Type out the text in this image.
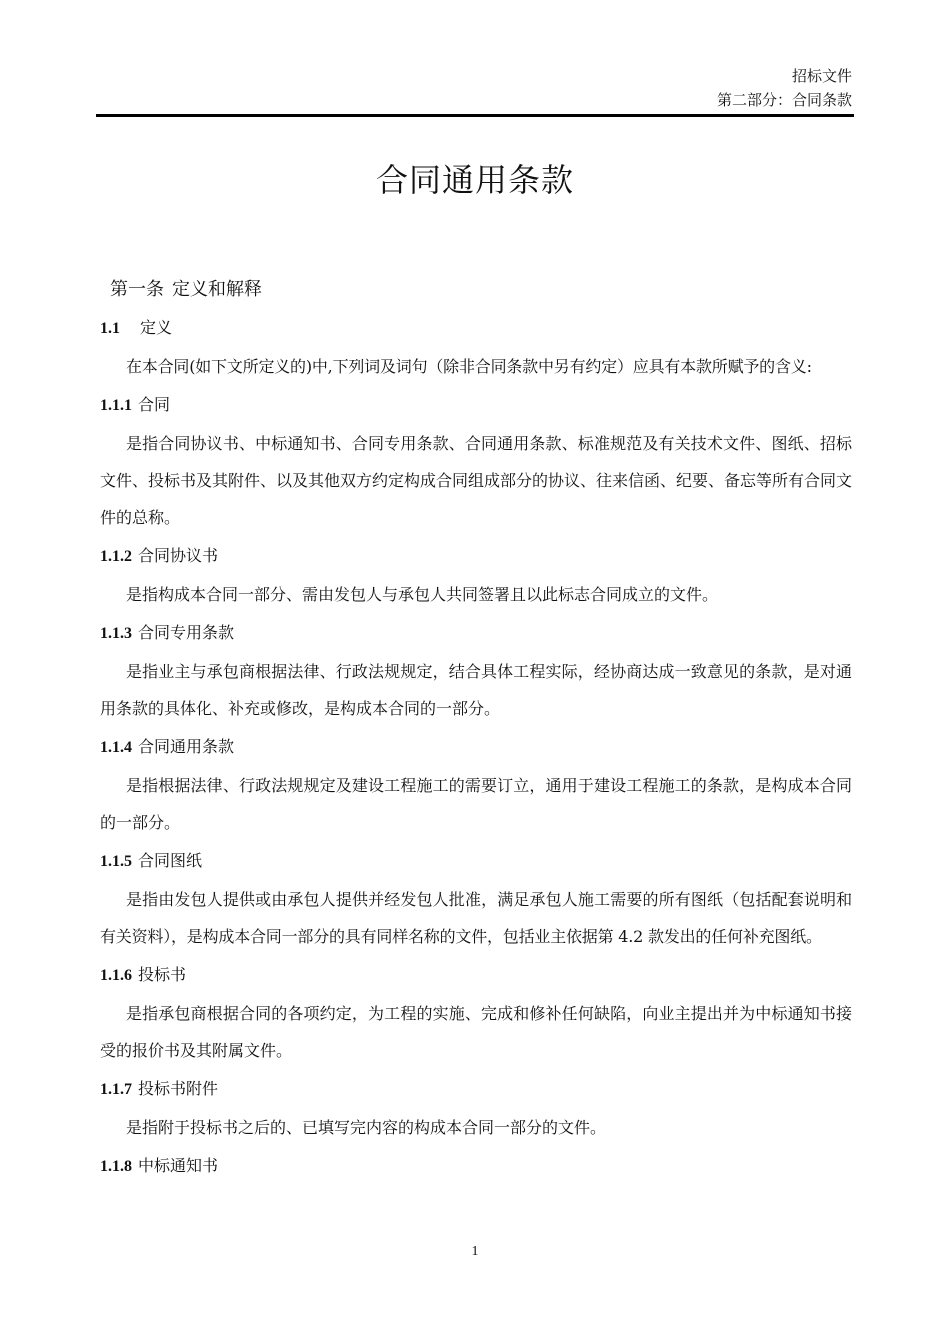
招标文件
第二部分：合同条款
合同通用条款
第一条 定义和解释
1.1 定义

在本合同(如下文所定义的)中,下列词及词句（除非合同条款中另有约定）应具有本款所赋予的含义:

1.1.1 合同

是指合同协议书、中标通知书、合同专用条款、合同通用条款、标准规范及有关技术文件、图纸、招标文件、投标书及其附件、以及其他双方约定构成合同组成部分的协议、往来信函、纪要、备忘等所有合同文件的总称。

1.1.2 合同协议书

是指构成本合同一部分、需由发包人与承包人共同签署且以此标志合同成立的文件。

1.1.3 合同专用条款

是指业主与承包商根据法律、行政法规规定，结合具体工程实际，经协商达成一致意见的条款，是对通用条款的具体化、补充或修改，是构成本合同的一部分。

1.1.4 合同通用条款

是指根据法律、行政法规规定及建设工程施工的需要订立，通用于建设工程施工的条款，是构成本合同的一部分。

1.1.5 合同图纸

是指由发包人提供或由承包人提供并经发包人批准，满足承包人施工需要的所有图纸（包括配套说明和有关资料），是构成本合同一部分的具有同样名称的文件，包括业主依据第 4.2 款发出的任何补充图纸。

1.1.6 投标书

是指承包商根据合同的各项约定，为工程的实施、完成和修补任何缺陷，向业主提出并为中标通知书接受的报价书及其附属文件。

1.1.7 投标书附件

是指附于投标书之后的、已填写完内容的构成本合同一部分的文件。

1.1.8 中标通知书
1
